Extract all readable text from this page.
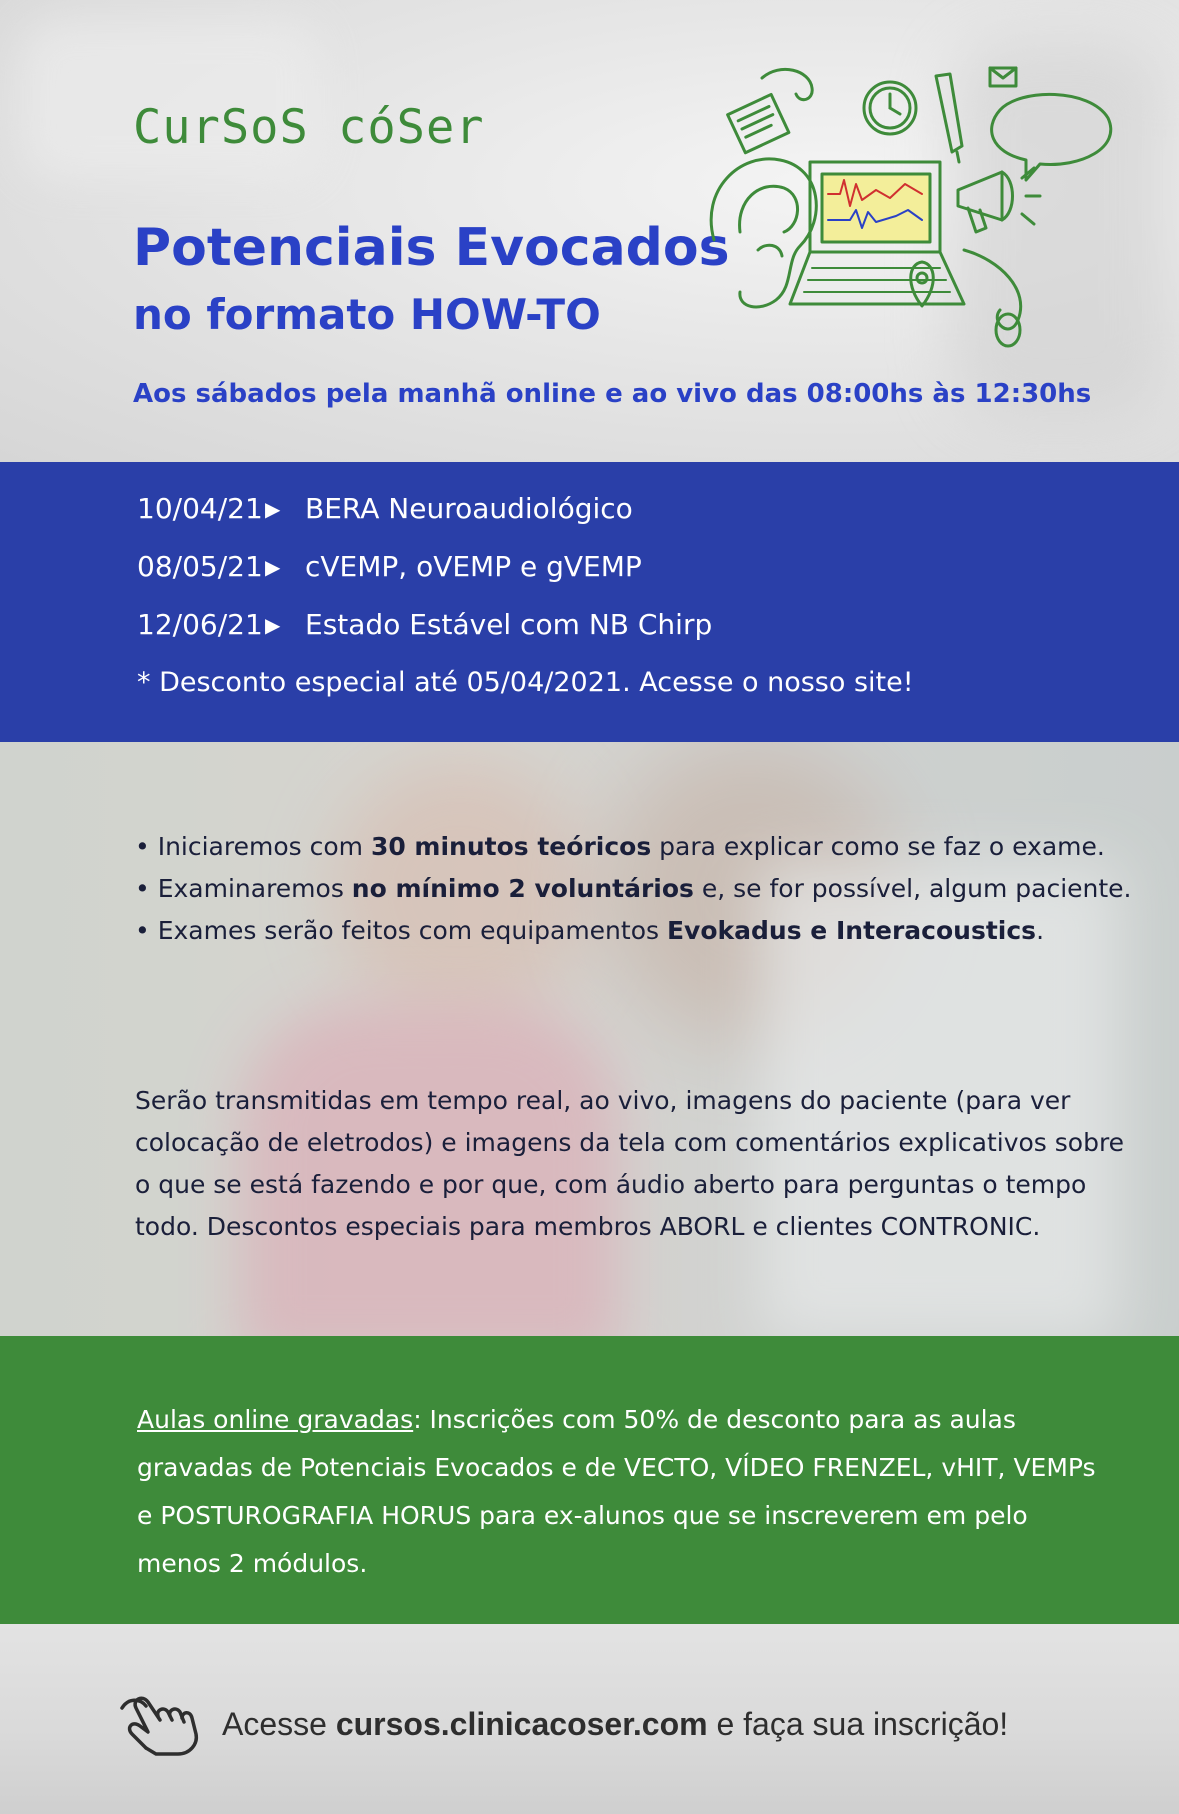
CurSoS cóSer
Potenciais Evocados
no formato HOW-TO
Aos sábados pela manhã online e ao vivo das 08:00hs às 12:30hs
10/04/21 ▶ BERA Neuroaudiológico
08/05/21 ▶ cVEMP, oVEMP e gVEMP
12/06/21 ▶ Estado Estável com NB Chirp
* Desconto especial até 05/04/2021. Acesse o nosso site!

• Iniciaremos com 30 minutos teóricos para explicar como se faz o exame.

• Examinaremos no mínimo 2 voluntários e, se for possível, algum paciente.

• Exames serão feitos com equipamentos Evokadus e Interacoustics.

Serão transmitidas em tempo real, ao vivo, imagens do paciente (para ver colocação de eletrodos) e imagens da tela com comentários explicativos sobre o que se está fazendo e por que, com áudio aberto para perguntas o tempo todo. Descontos especiais para membros ABORL e clientes CONTRONIC.
Aulas online gravadas: Inscrições com 50% de desconto para as aulas gravadas de Potenciais Evocados e de VECTO, VÍDEO FRENZEL, vHIT, VEMPs e POSTUROGRAFIA HORUS para ex-alunos que se inscreverem em pelo menos 2 módulos.
Acesse cursos.clinicacoser.com e faça sua inscrição!
